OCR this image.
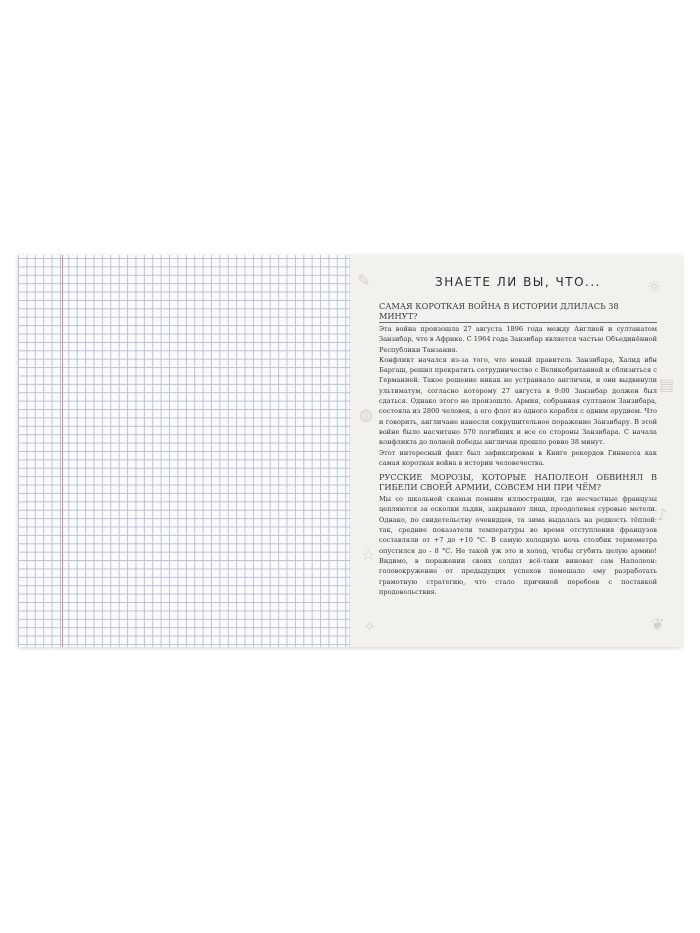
✎	☼
◍
▤
☆
♪
✧	❦
ЗНАЕТЕ ЛИ ВЫ, ЧТО...
САМАЯ КОРОТКАЯ ВОЙНА В ИСТОРИИ ДЛИЛАСЬ 38 МИНУТ?

Эта война произошла 27 августа 1896 года между Англией и султанатом Занзибар, что в Африке. С 1964 года Занзибар является частью Объединённой Республики Танзания.

Конфликт начался из-за того, что новый правитель Занзибара, Халид ибн Баргаш, решил прекратить сотрудничество с Великобританией и сблизиться с Германией. Такое решение никак не устраивало англичан, и они выдвинули ультиматум, согласно которому 27 августа в 9:00 Занзибар должен был сдаться. Однако этого не произошло. Армия, собранная султаном Занзибара, состояла из 2800 человек, а его флот из одного корабля с одним орудием. Что и говорить, англичане нанесли сокрушительное поражение Занзибару. В этой войне было насчитано 570 погибших и все со стороны Занзибара. С начала конфликта до полной победы англичан прошло ровно 38 минут.

Этот интересный факт был зафиксирован в Книге рекордов Гиннесса как самая короткая война в истории человечества.

РУССКИЕ МОРОЗЫ, КОТОРЫЕ НАПОЛЕОН ОБВИНЯЛ В ГИБЕЛИ СВОЕЙ АРМИИ, СОВСЕМ НИ ПРИ ЧЁМ?

Мы со школьной скамьи помним иллюстрации, где несчастные французы цепляются за осколки льдин, закрывают лица, преодолевая суровые метели. Однако, по свидетельству очевидцев, та зима выдалась на редкость тёплой: так, средние показатели температуры во время отступления французов составляли от +7 до +10 °С. В самую холодную ночь столбик термометра опустился до - 8 °С. Не такой уж это и холод, чтобы сгубить целую армию! Видимо, в поражении своих солдат всё-таки виноват сам Наполеон: головокружение от предыдущих успехов помешало ему разработать грамотную стратегию, что стало причиной перебоев с поставкой продовольствия.
